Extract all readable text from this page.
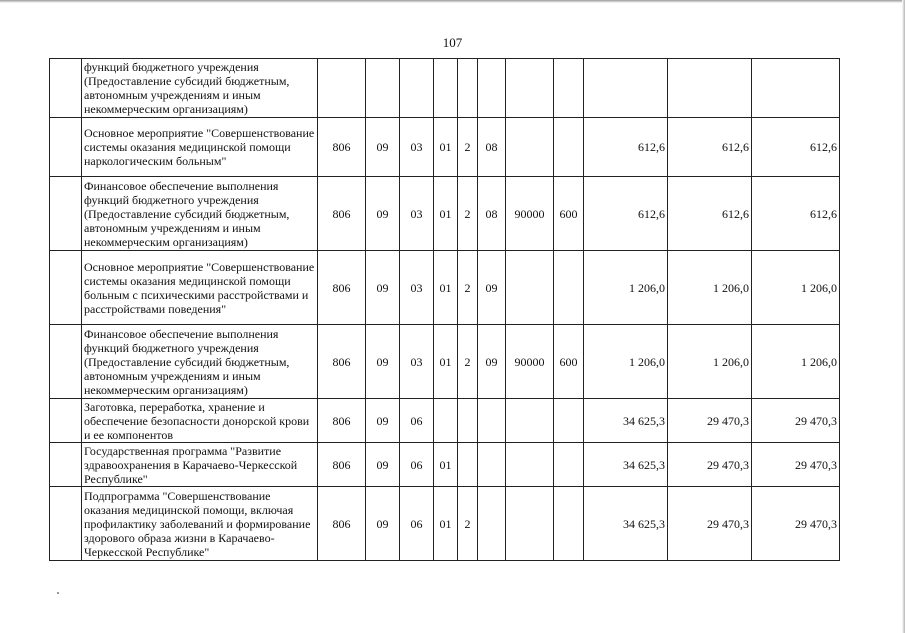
107
	функций бюджетного учреждения (Предоставление субсидий бюджетным, автономным учреждениям и иным некоммерческим организациям)											
	Основное мероприятие "Совершенствование системы оказания медицинской помощи наркологическим больным"	806	09	03	01	2	08			612,6	612,6	612,6
	Финансовое обеспечение выполнения функций бюджетного учреждения (Предоставление субсидий бюджетным, автономным учреждениям и иным некоммерческим организациям)	806	09	03	01	2	08	90000	600	612,6	612,6	612,6
	Основное мероприятие "Совершенствование системы оказания медицинской помощи больным с психическими расстройствами и расстройствами поведения"	806	09	03	01	2	09			1 206,0	1 206,0	1 206,0
	Финансовое обеспечение выполнения функций бюджетного учреждения (Предоставление субсидий бюджетным, автономным учреждениям и иным некоммерческим организациям)	806	09	03	01	2	09	90000	600	1 206,0	1 206,0	1 206,0
	Заготовка, переработка, хранение и обеспечение безопасности донорской крови и ее компонентов	806	09	06						34 625,3	29 470,3	29 470,3
	Государственная программа "Развитие здравоохранения в Карачаево-Черкесской Республике"	806	09	06	01					34 625,3	29 470,3	29 470,3
	Подпрограмма "Совершенствование оказания медицинской помощи, включая профилактику заболеваний и формирование здорового образа жизни в Карачаево-Черкесской Республике"	806	09	06	01	2				34 625,3	29 470,3	29 470,3
